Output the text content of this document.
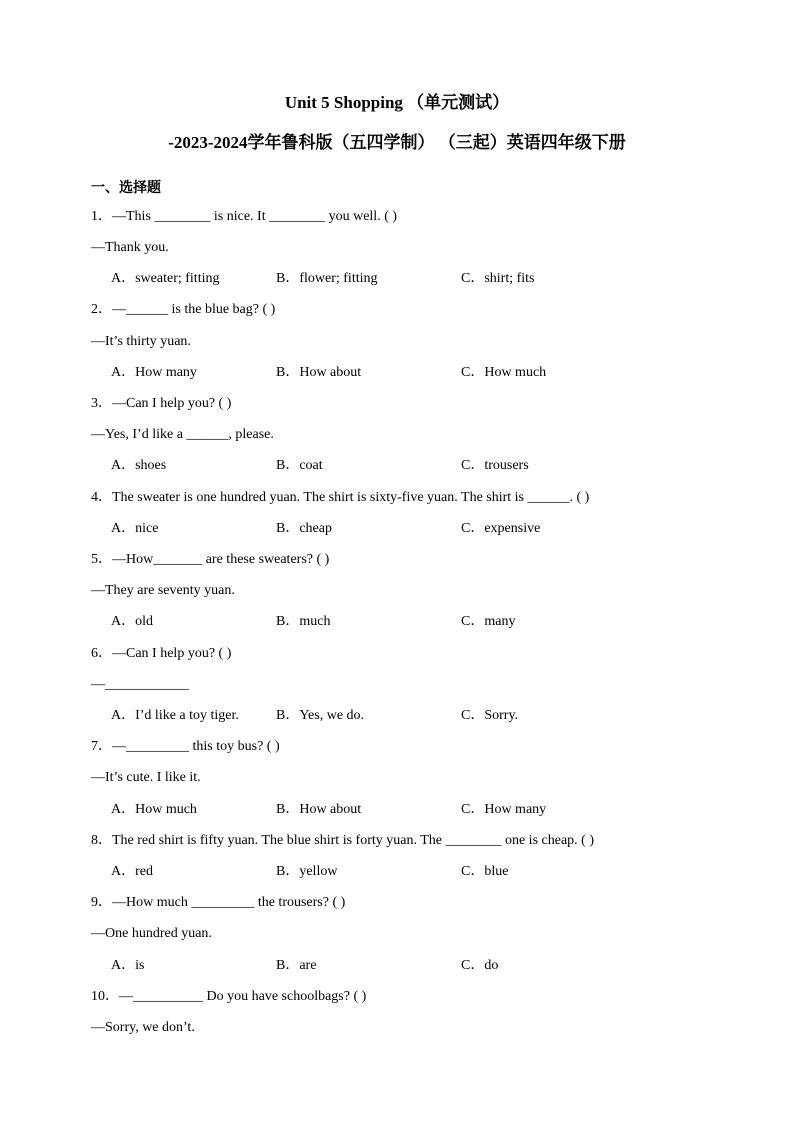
Unit 5 Shopping （单元测试）
-2023-2024学年鲁科版（五四学制） （三起）英语四年级下册
一、选择题
1．—This ________ is nice. It ________ you well. ( )
—Thank you.
A．sweater; fitting	B．flower; fitting	C．shirt; fits
2．—______ is the blue bag? ( )
—It’s thirty yuan.
A．How many	B．How about	C．How much
3．—Can I help you? ( )
—Yes, I’d like a ______, please.
A．shoes	B．coat	C．trousers
4．The sweater is one hundred yuan. The shirt is sixty-five yuan. The shirt is ______. ( )
A．nice	B．cheap	C．expensive
5．—How_______ are these sweaters? ( )
—They are seventy yuan.
A．old	B．much	C．many
6．—Can I help you? ( )
—____________
A．I’d like a toy tiger.	B．Yes, we do.	C．Sorry.
7．—_________ this toy bus? ( )
—It’s cute. I like it.
A．How much	B．How about	C．How many
8．The red shirt is fifty yuan. The blue shirt is forty yuan. The ________ one is cheap. ( )
A．red	B．yellow	C．blue
9．—How much _________ the trousers? ( )
—One hundred yuan.
A．is	B．are	C．do
10．—__________ Do you have schoolbags? ( )
—Sorry, we don’t.
